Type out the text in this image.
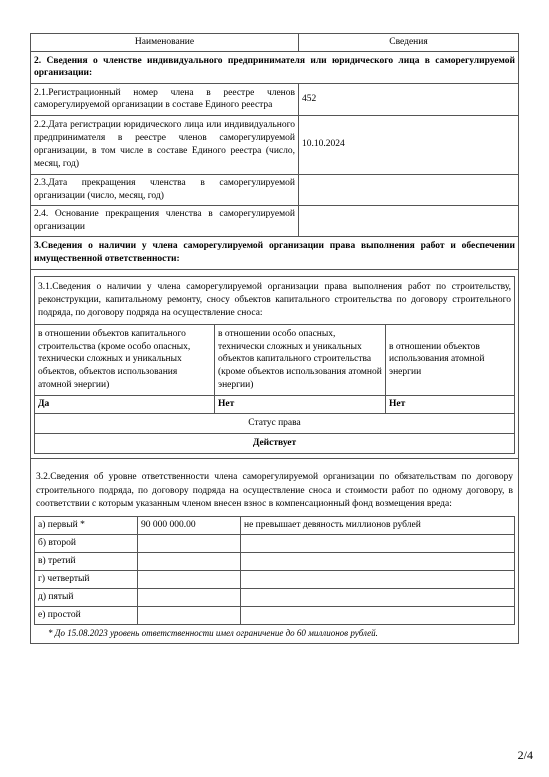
Наименование	Сведения
2. Сведения о членстве индивидуального предпринимателя или юридического лица в саморегулируемой организации:
2.1.Регистрационный номер члена в реестре членов саморегулируемой организации в составе Единого реестра	452
2.2.Дата регистрации юридического лица или индивидуального предпринимателя в реестре членов саморегулируемой организации, в том числе в составе Единого реестра (число, месяц, год)	10.10.2024
2.3.Дата прекращения членства в саморегулируемой организации (число, месяц, год)	
2.4. Основание прекращения членства в саморегулируемой организации	
3.Сведения о наличии у члена саморегулируемой организации права выполнения работ и обеспечении имущественной ответственности:

3.1.Сведения о наличии у члена саморегулируемой организации права выполнения работ по строительству, реконструкции, капитальному ремонту, сносу объектов капитального строительства по договору строительного подряда, по договору подряда на осуществление сноса:
в отношении объектов капитального строительства (кроме особо опасных, технически сложных и уникальных объектов, объектов использования атомной энергии)	в отношении особо опасных, технически сложных и уникальных объектов капитального строительства (кроме объектов использования атомной энергии)	в отношении объектов использования атомной энергии
Да	Нет	Нет
Статус права
Действует

3.2.Сведения об уровне ответственности члена саморегулируемой организации по обязательствам по договору строительного подряда, по договору подряда на осуществление сноса и стоимости работ по одному договору, в соответствии с которым указанным членом внесен взнос в компенсационный фонд возмещения вреда:
а) первый *	90 000 000.00	не превышает девяность миллионов рублей
б) второй		
в) третий		
г) четвертый		
д) пятый		
е) простой		
* До 15.08.2023 уровень ответственности имел ограничение до 60 миллионов рублей.
2/4
